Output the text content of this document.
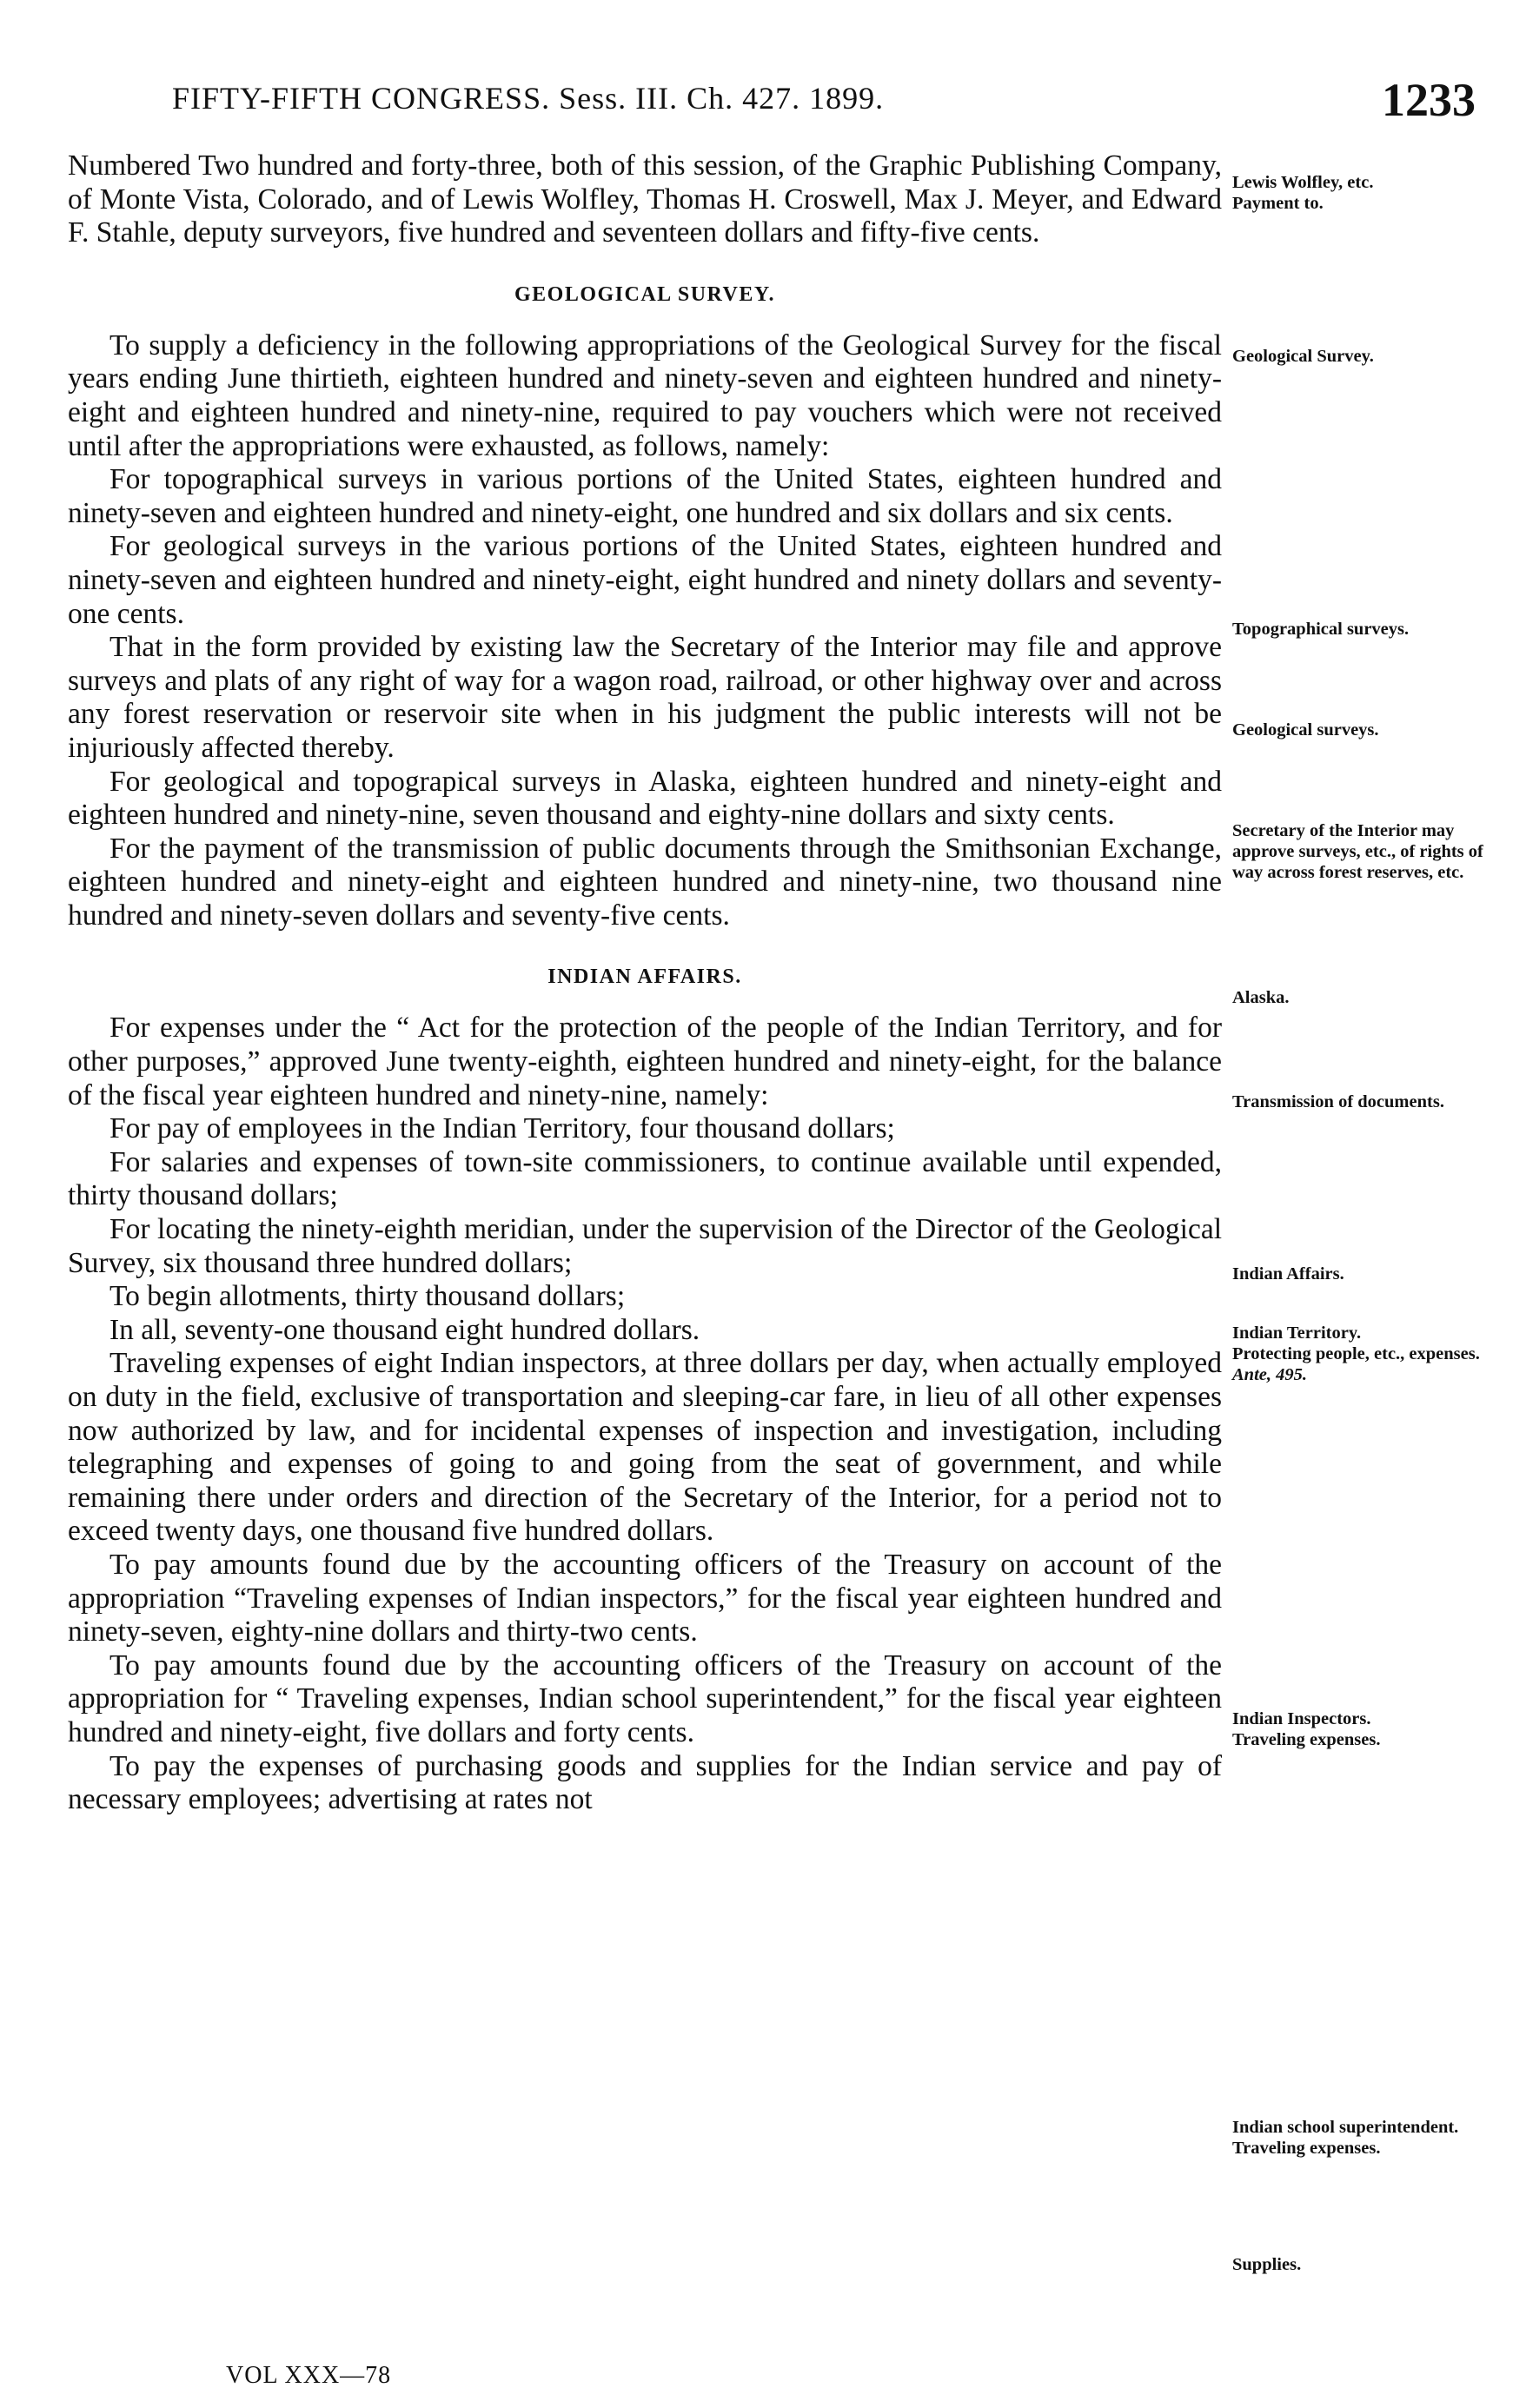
FIFTY-FIFTH CONGRESS. Sess. III. Ch. 427. 1899.	1233

Numbered Two hundred and forty-three, both of this session, of the Graphic Publishing Company, of Monte Vista, Colorado, and of Lewis Wolfley, Thomas H. Croswell, Max J. Meyer, and Edward F. Stahle, deputy surveyors, five hundred and seventeen dollars and fifty-five cents.

GEOLOGICAL SURVEY.

To supply a deficiency in the following appropriations of the Geological Survey for the fiscal years ending June thirtieth, eighteen hundred and ninety-seven and eighteen hundred and ninety-eight and eighteen hundred and ninety-nine, required to pay vouchers which were not received until after the appropriations were exhausted, as follows, namely:

For topographical surveys in various portions of the United States, eighteen hundred and ninety-seven and eighteen hundred and ninety-eight, one hundred and six dollars and six cents.

For geological surveys in the various portions of the United States, eighteen hundred and ninety-seven and eighteen hundred and ninety-eight, eight hundred and ninety dollars and seventy-one cents.

That in the form provided by existing law the Secretary of the Interior may file and approve surveys and plats of any right of way for a wagon road, railroad, or other highway over and across any forest reservation or reservoir site when in his judgment the public interests will not be injuriously affected thereby.

For geological and topograpical surveys in Alaska, eighteen hundred and ninety-eight and eighteen hundred and ninety-nine, seven thousand and eighty-nine dollars and sixty cents.

For the payment of the transmission of public documents through the Smithsonian Exchange, eighteen hundred and ninety-eight and eighteen hundred and ninety-nine, two thousand nine hundred and ninety-seven dollars and seventy-five cents.

INDIAN AFFAIRS.

For expenses under the “ Act for the protection of the people of the Indian Territory, and for other purposes,” approved June twenty-eighth, eighteen hundred and ninety-eight, for the balance of the fiscal year eighteen hundred and ninety-nine, namely:

For pay of employees in the Indian Territory, four thousand dollars;

For salaries and expenses of town-site commissioners, to continue available until expended, thirty thousand dollars;

For locating the ninety-eighth meridian, under the supervision of the Director of the Geological Survey, six thousand three hundred dollars;

To begin allotments, thirty thousand dollars;

In all, seventy-one thousand eight hundred dollars.

Traveling expenses of eight Indian inspectors, at three dollars per day, when actually employed on duty in the field, exclusive of transportation and sleeping-car fare, in lieu of all other expenses now authorized by law, and for incidental expenses of inspection and investigation, including telegraphing and expenses of going to and going from the seat of government, and while remaining there under orders and direction of the Secretary of the Interior, for a period not to exceed twenty days, one thousand five hundred dollars.

To pay amounts found due by the accounting officers of the Treasury on account of the appropriation “Traveling expenses of Indian inspectors,” for the fiscal year eighteen hundred and ninety-seven, eighty-nine dollars and thirty-two cents.

To pay amounts found due by the accounting officers of the Treasury on account of the appropriation for “ Traveling expenses, Indian school superintendent,” for the fiscal year eighteen hundred and ninety-eight, five dollars and forty cents.

To pay the expenses of purchasing goods and supplies for the Indian service and pay of necessary employees; advertising at rates not

Lewis Wolfley, etc.
Payment to.
Geological Survey.
Topographical surveys.
Geological surveys.
Secretary of the Interior may approve surveys, etc., of rights of way across forest reserves, etc.
Alaska.
Transmission of documents.
Indian Affairs.
Indian Territory.
Protecting people, etc., expenses.
Ante, 495.
Indian Inspectors.
Traveling expenses.
Indian school superintendent.
Traveling expenses.
Supplies.
VOL XXX—78
